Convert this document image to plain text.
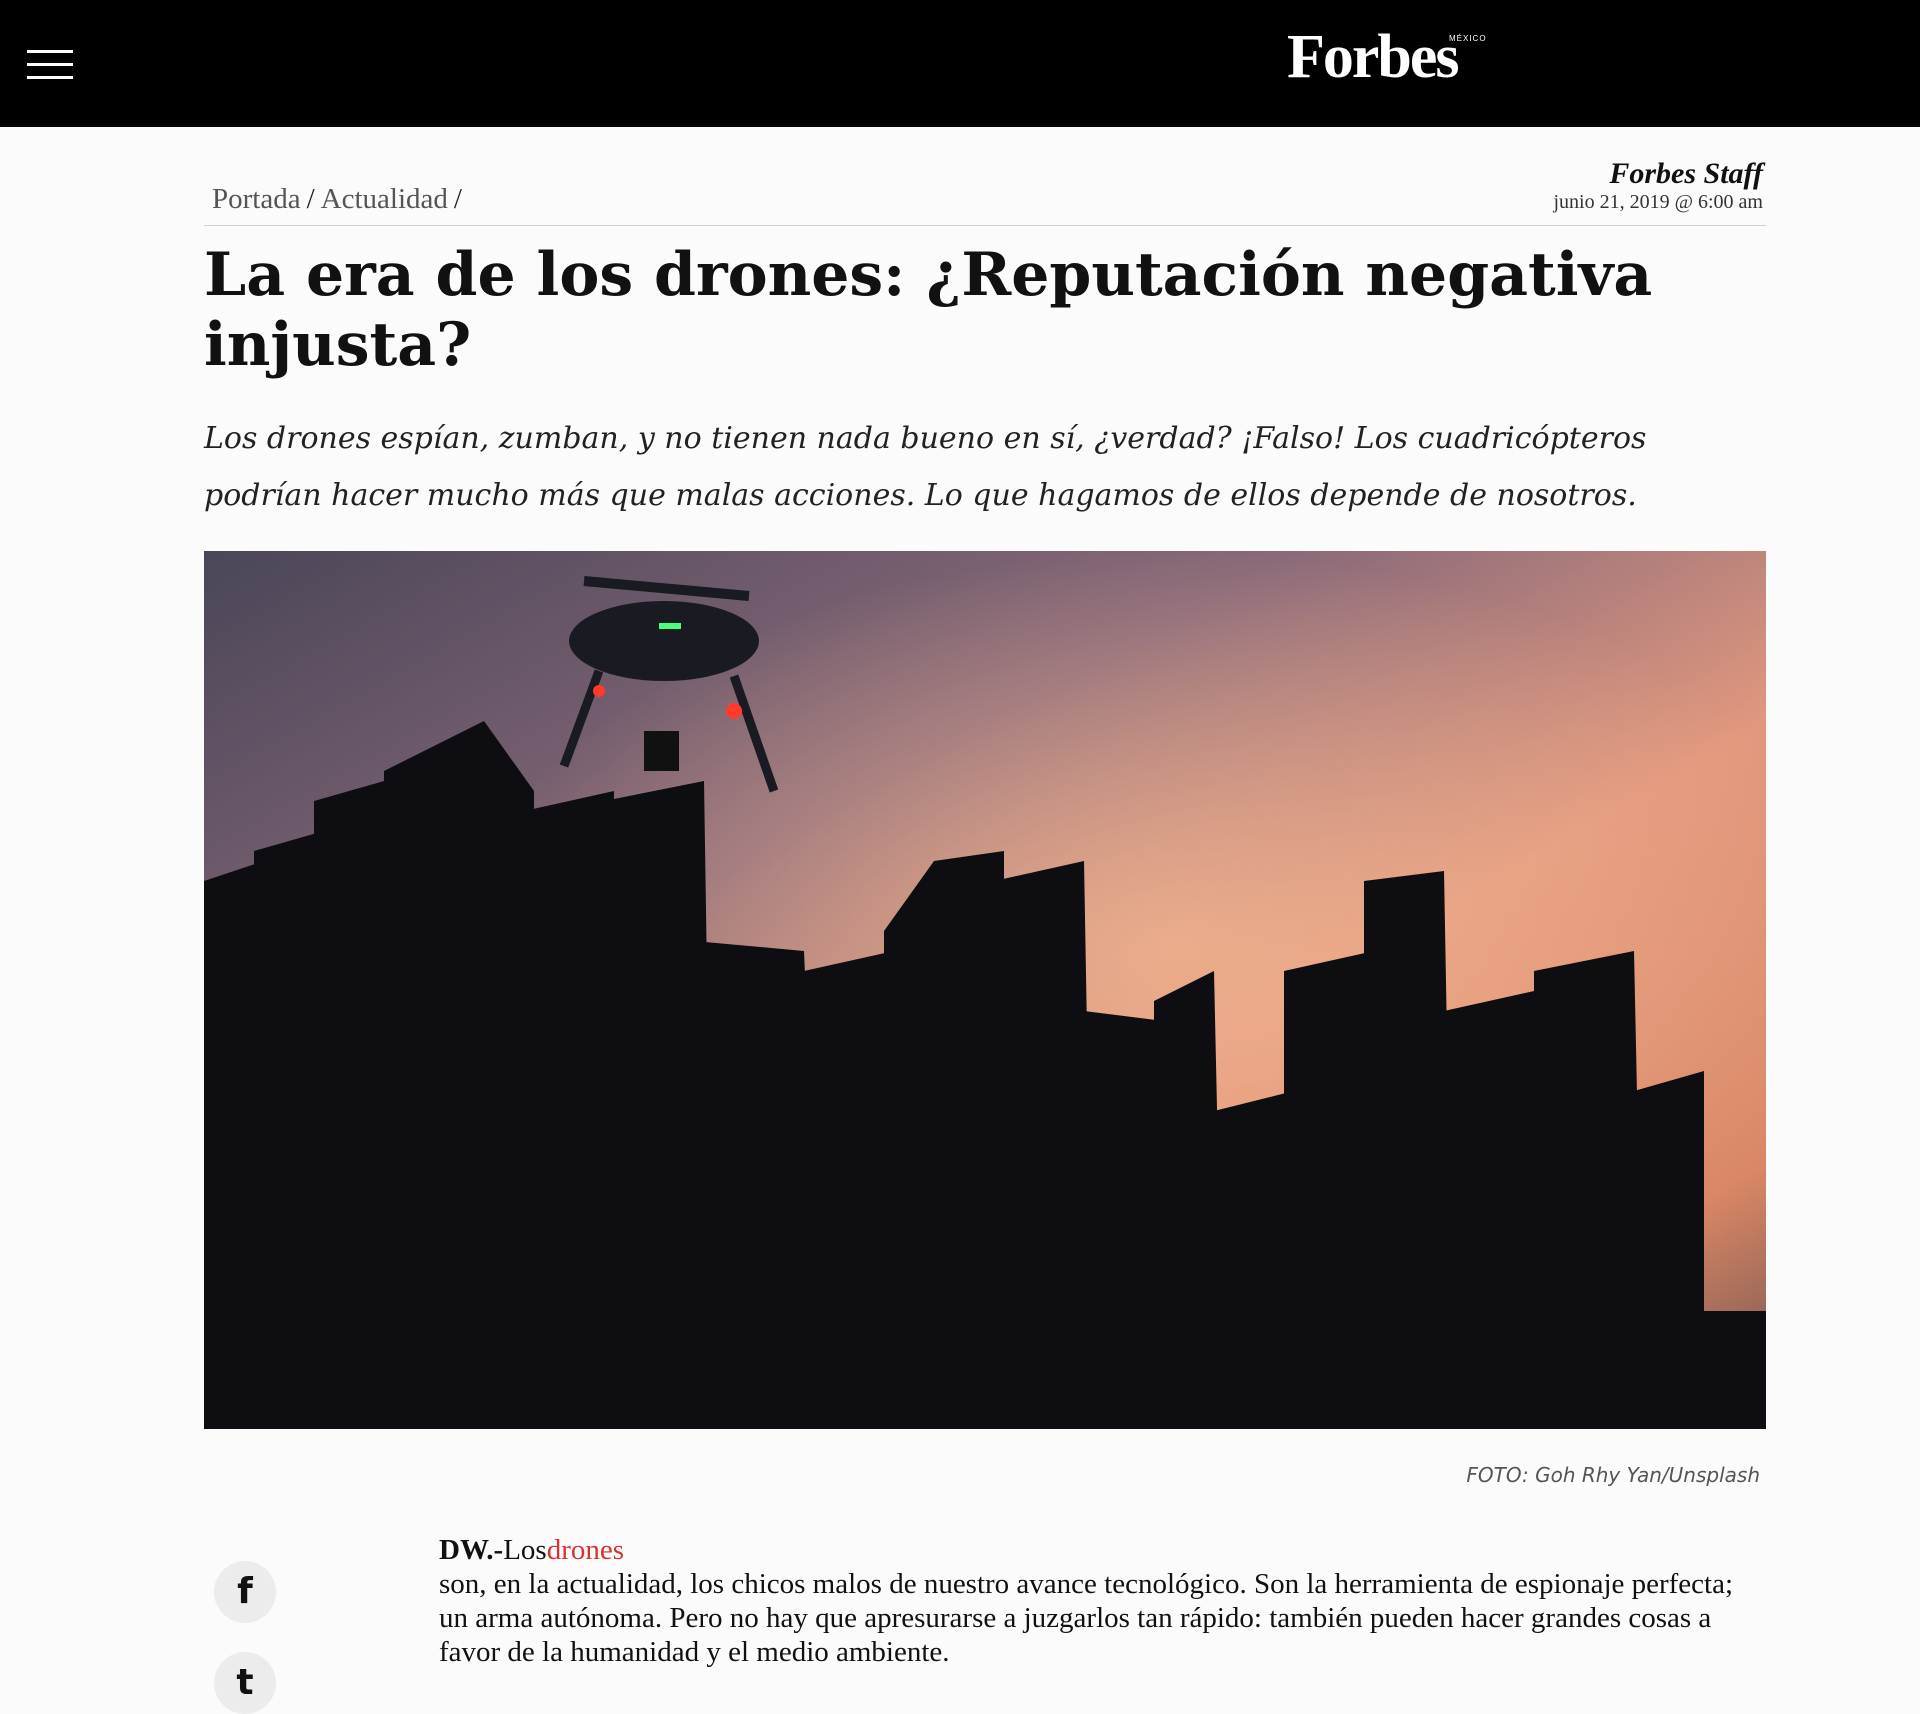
Forbes
MÉXICO
Portada / Actualidad /
Forbes Staff
junio 21, 2019 @ 6:00 am
La era de los drones: ¿Reputación negativa injusta?

Los drones espían, zumban, y no tienen nada bueno en sí, ¿verdad? ¡Falso! Los cuadricópteros podrían hacer mucho más que malas acciones. Lo que hagamos de ellos depende de nosotros.

FOTO: Goh Rhy Yan/Unsplash
f
t
DW.-Losdrones
son, en la actualidad, los chicos malos de nuestro avance tecnológico. Son la herramienta de espionaje perfecta; un arma autónoma. Pero no hay que apresurarse a juzgarlos tan rápido: también pueden hacer grandes cosas a favor de la humanidad y el medio ambiente.
